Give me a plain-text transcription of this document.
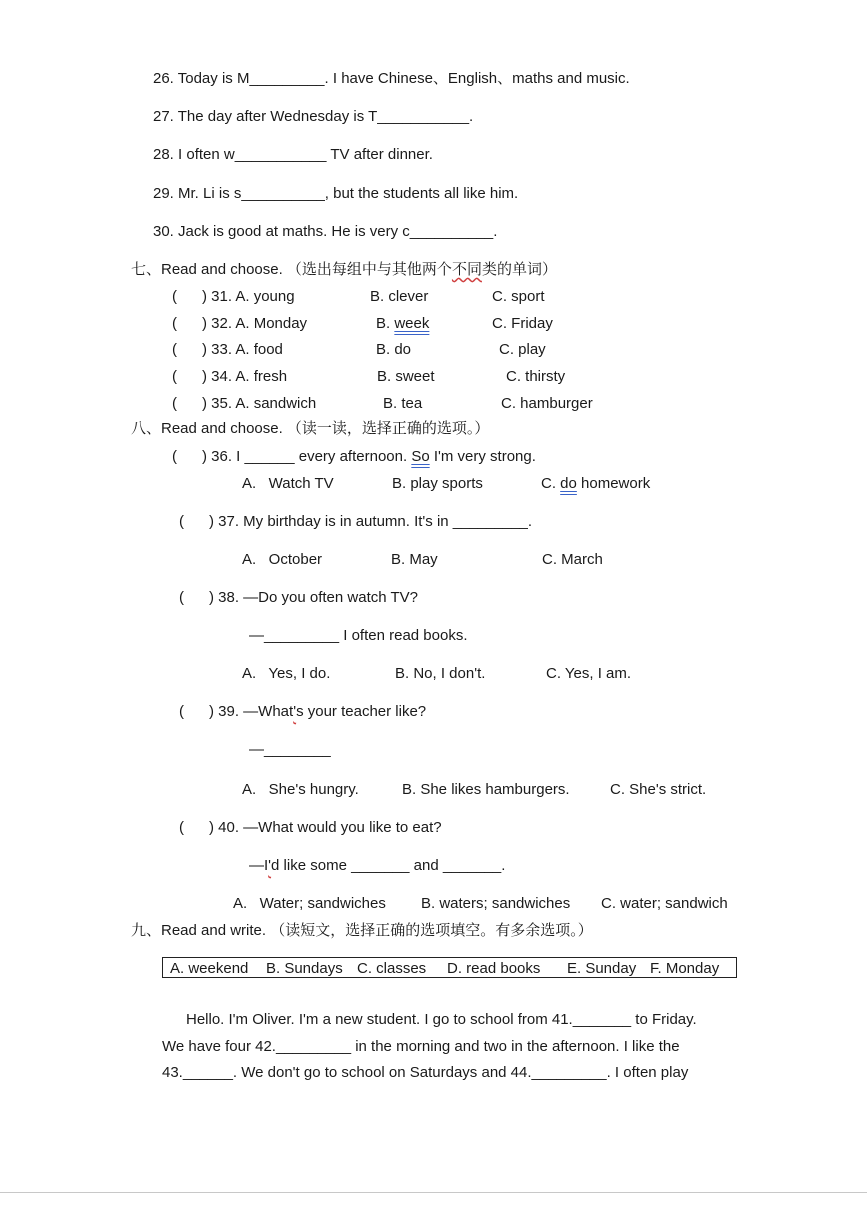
26. Today is M_________. I have Chinese、English、maths and music.
27. The day after Wednesday is T___________.
28. I often w___________ TV after dinner.
29. Mr. Li is s__________, but the students all like him.
30. Jack is good at maths. He is very c__________.
七、Read and choose. （选出每组中与其他两个不同类的单词）
(      ) 31. A. young	B. clever	C. sport
(      ) 32. A. Monday	B. week	C. Friday
(      ) 33. A. food	B. do	C. play
(      ) 34. A. fresh	B. sweet	C. thirsty
(      ) 35. A. sandwich	B. tea	C. hamburger
八、Read and choose. （读一读，选择正确的选项。）
(      ) 36. I ______ every afternoon. So I'm very strong.
A.   Watch TV	B. play sports	C. do homework
(      ) 37. My birthday is in autumn. It's in _________.
A.   October	B. May	C. March
(      ) 38. —Do you often watch TV?
—_________ I often read books.
A.   Yes, I do.	B. No, I don't.	C. Yes, I am.
(      ) 39. —What's your teacher like?
—________
A.   She's hungry.	B. She likes hamburgers.	C. She's strict.
(      ) 40. —What would you like to eat?
—I'd like some _______ and _______.
A.   Water; sandwiches B. waters; sandwiches C. water; sandwich
九、Read and write. （读短文，选择正确的选项填空。有多余选项。）
A. weekend B. Sundays C. classes D. read books E. Sunday F. Monday
Hello. I'm Oliver. I'm a new student. I go to school from 41._______ to Friday.
We have four 42._________ in the morning and two in the afternoon. I like the
43.______. We don't go to school on Saturdays and 44._________. I often play
